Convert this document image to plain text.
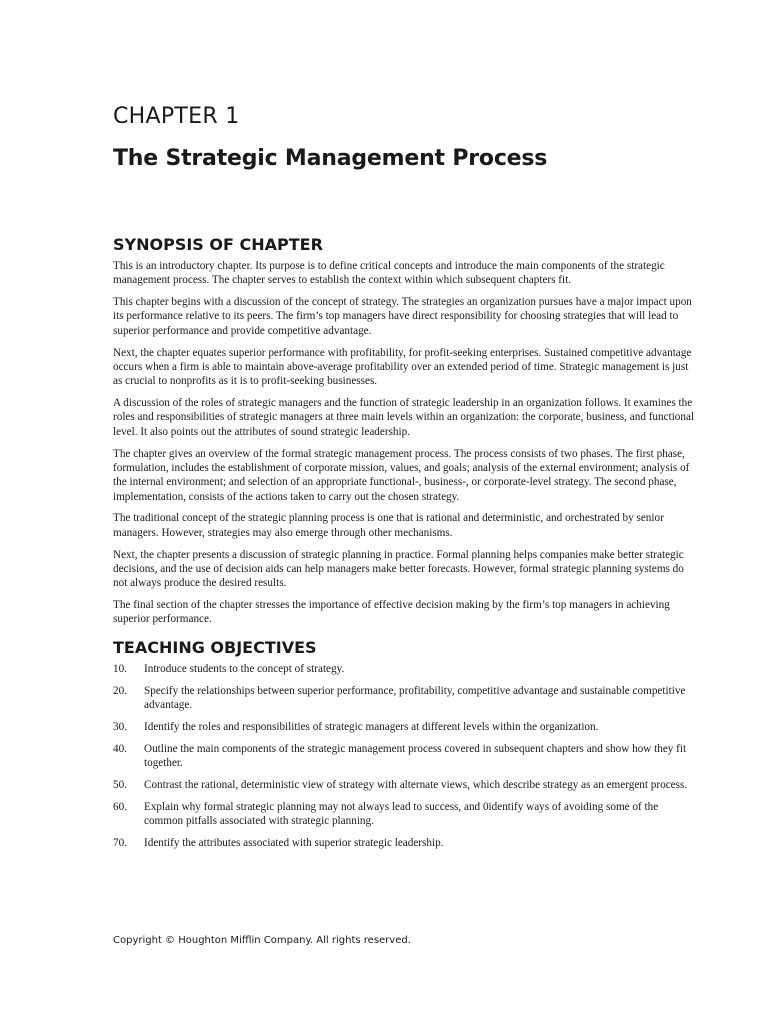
CHAPTER 1
The Strategic Management Process
SYNOPSIS OF CHAPTER

This is an introductory chapter. Its purpose is to define critical concepts and introduce the main components of the strategic management process. The chapter serves to establish the context within which subsequent chapters fit.

This chapter begins with a discussion of the concept of strategy. The strategies an organization pursues have a major impact upon its performance relative to its peers. The firm’s top managers have direct responsibility for choosing strategies that will lead to superior performance and provide competitive advantage.

Next, the chapter equates superior performance with profitability, for profit-seeking enterprises. Sustained competitive advantage occurs when a firm is able to maintain above-average profitability over an extended period of time. Strategic management is just as crucial to nonprofits as it is to profit-seeking businesses.

A discussion of the roles of strategic managers and the function of strategic leadership in an organization follows. It examines the roles and responsibilities of strategic managers at three main levels within an organization: the corporate, business, and functional level. It also points out the attributes of sound strategic leadership.

The chapter gives an overview of the formal strategic management process. The process consists of two phases. The first phase, formulation, includes the establishment of corporate mission, values, and goals; analysis of the external environment; analysis of the internal environment; and selection of an appropriate functional-, business-, or corporate-level strategy. The second phase, implementation, consists of the actions taken to carry out the chosen strategy.

The traditional concept of the strategic planning process is one that is rational and deterministic, and orchestrated by senior managers. However, strategies may also emerge through other mechanisms.

Next, the chapter presents a discussion of strategic planning in practice. Formal planning helps companies make better strategic decisions, and the use of decision aids can help managers make better forecasts. However, formal strategic planning systems do not always produce the desired results.

The final section of the chapter stresses the importance of effective decision making by the firm’s top managers in achieving superior performance.

TEACHING OBJECTIVES
10.	Introduce students to the concept of strategy.
20.	Specify the relationships between superior performance, profitability, competitive advantage and sustainable competitive advantage.
30.	Identify the roles and responsibilities of strategic managers at different levels within the organization.
40.	Outline the main components of the strategic management process covered in subsequent chapters and show how they fit together.
50.	Contrast the rational, deterministic view of strategy with alternate views, which describe strategy as an emergent process.
60.	Explain why formal strategic planning may not always lead to success, and 0identify ways of avoiding some of the common pitfalls associated with strategic planning.
70.	Identify the attributes associated with superior strategic leadership.

Copyright © Houghton Mifflin Company. All rights reserved.
